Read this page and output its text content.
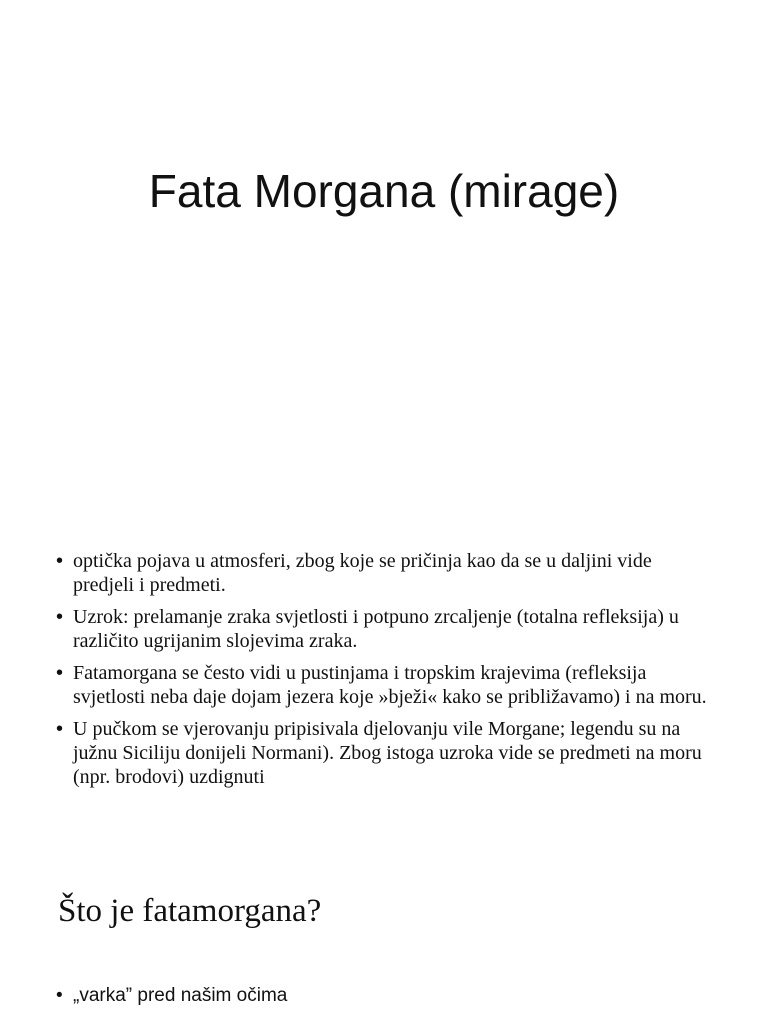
Fata Morgana (mirage)
• optička pojava u atmosferi, zbog koje se pričinja kao da se u daljini vide predjeli i predmeti.
• Uzrok: prelamanje zraka svjetlosti i potpuno zrcaljenje (totalna refleksija) u različito ugrijanim slojevima zraka.
• Fatamorgana se često vidi u pustinjama i tropskim krajevima (refleksija svjetlosti neba daje dojam jezera koje »bježi« kako se približavamo) i na moru.
• U pučkom se vjerovanju pripisivala djelovanju vile Morgane; legendu su na južnu Siciliju donijeli Normani). Zbog istoga uzroka vide se predmeti na moru (npr. brodovi) uzdignuti
Što je fatamorgana?
• „varka” pred našim očima
